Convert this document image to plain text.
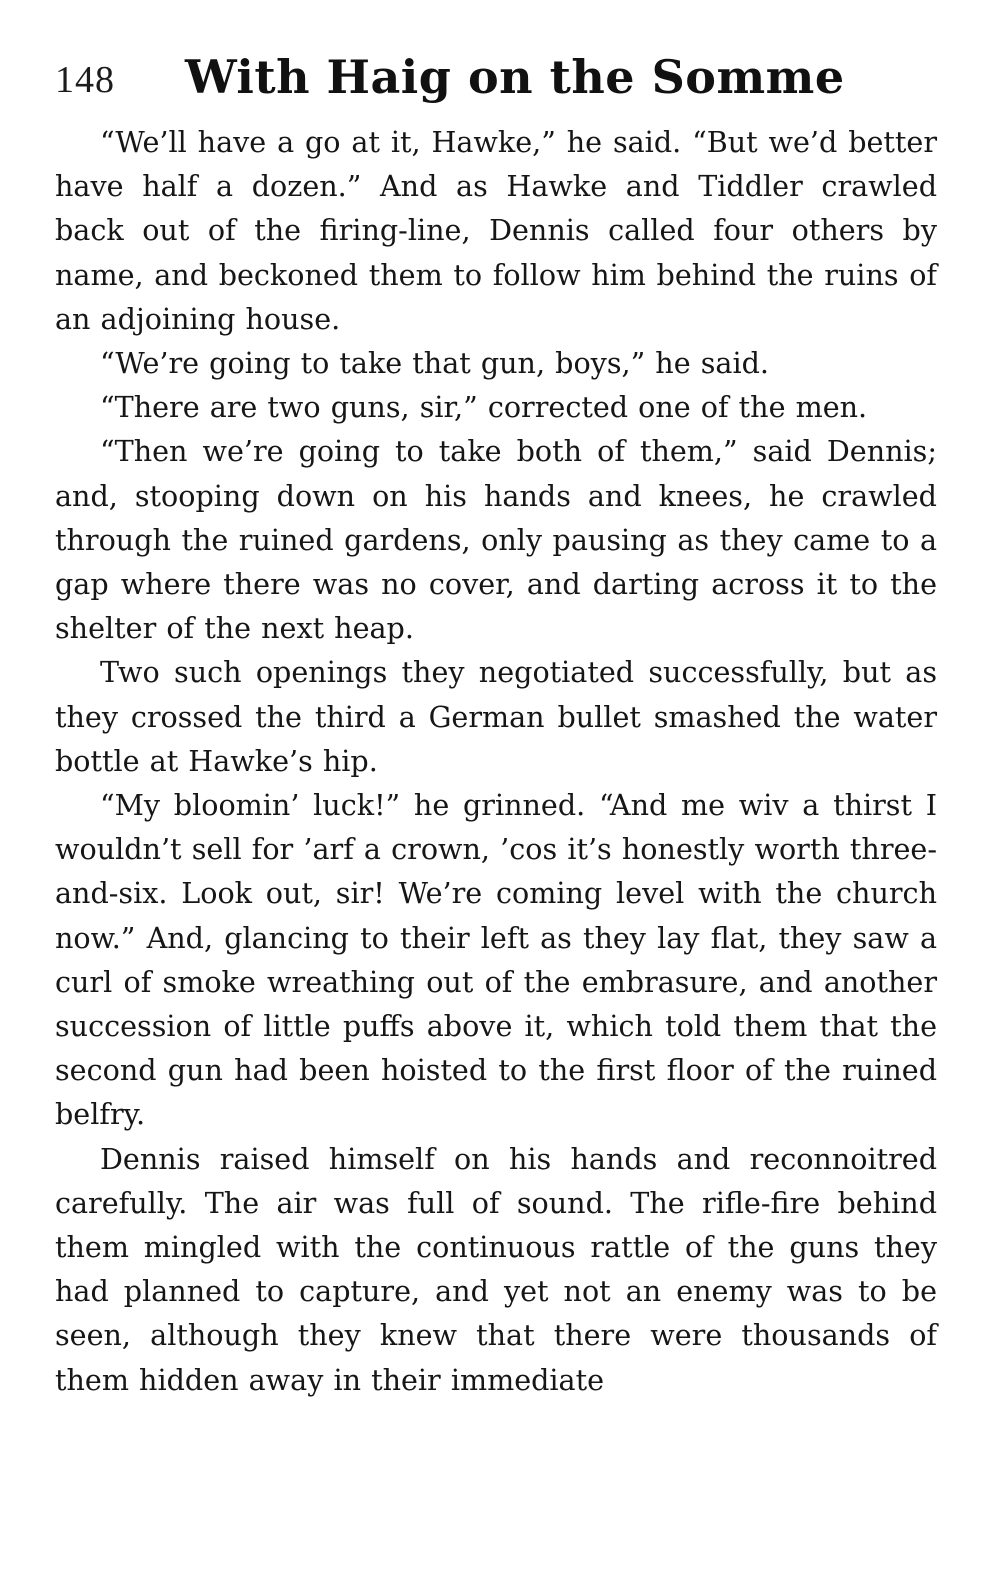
148 With Haig on the Somme

“We’ll have a go at it, Hawke,” he said. “But we’d better have half a dozen.” And as Hawke and Tiddler crawled back out of the firing-line, Dennis called four others by name, and beckoned them to follow him behind the ruins of an adjoining house.

“We’re going to take that gun, boys,” he said.

“There are two guns, sir,” corrected one of the men.

“Then we’re going to take both of them,” said Dennis; and, stooping down on his hands and knees, he crawled through the ruined gardens, only pausing as they came to a gap where there was no cover, and darting across it to the shelter of the next heap.

Two such openings they negotiated successfully, but as they crossed the third a German bullet smashed the water bottle at Hawke’s hip.

“My bloomin’ luck!” he grinned. “And me wiv a thirst I wouldn’t sell for ’arf a crown, ’cos it’s honestly worth three-and-six. Look out, sir! We’re coming level with the church now.” And, glancing to their left as they lay flat, they saw a curl of smoke wreathing out of the embrasure, and another succession of little puffs above it, which told them that the second gun had been hoisted to the first floor of the ruined belfry.

Dennis raised himself on his hands and reconnoitred carefully. The air was full of sound. The rifle-fire behind them mingled with the continuous rattle of the guns they had planned to capture, and yet not an enemy was to be seen, although they knew that there were thousands of them hidden away in their immediate
